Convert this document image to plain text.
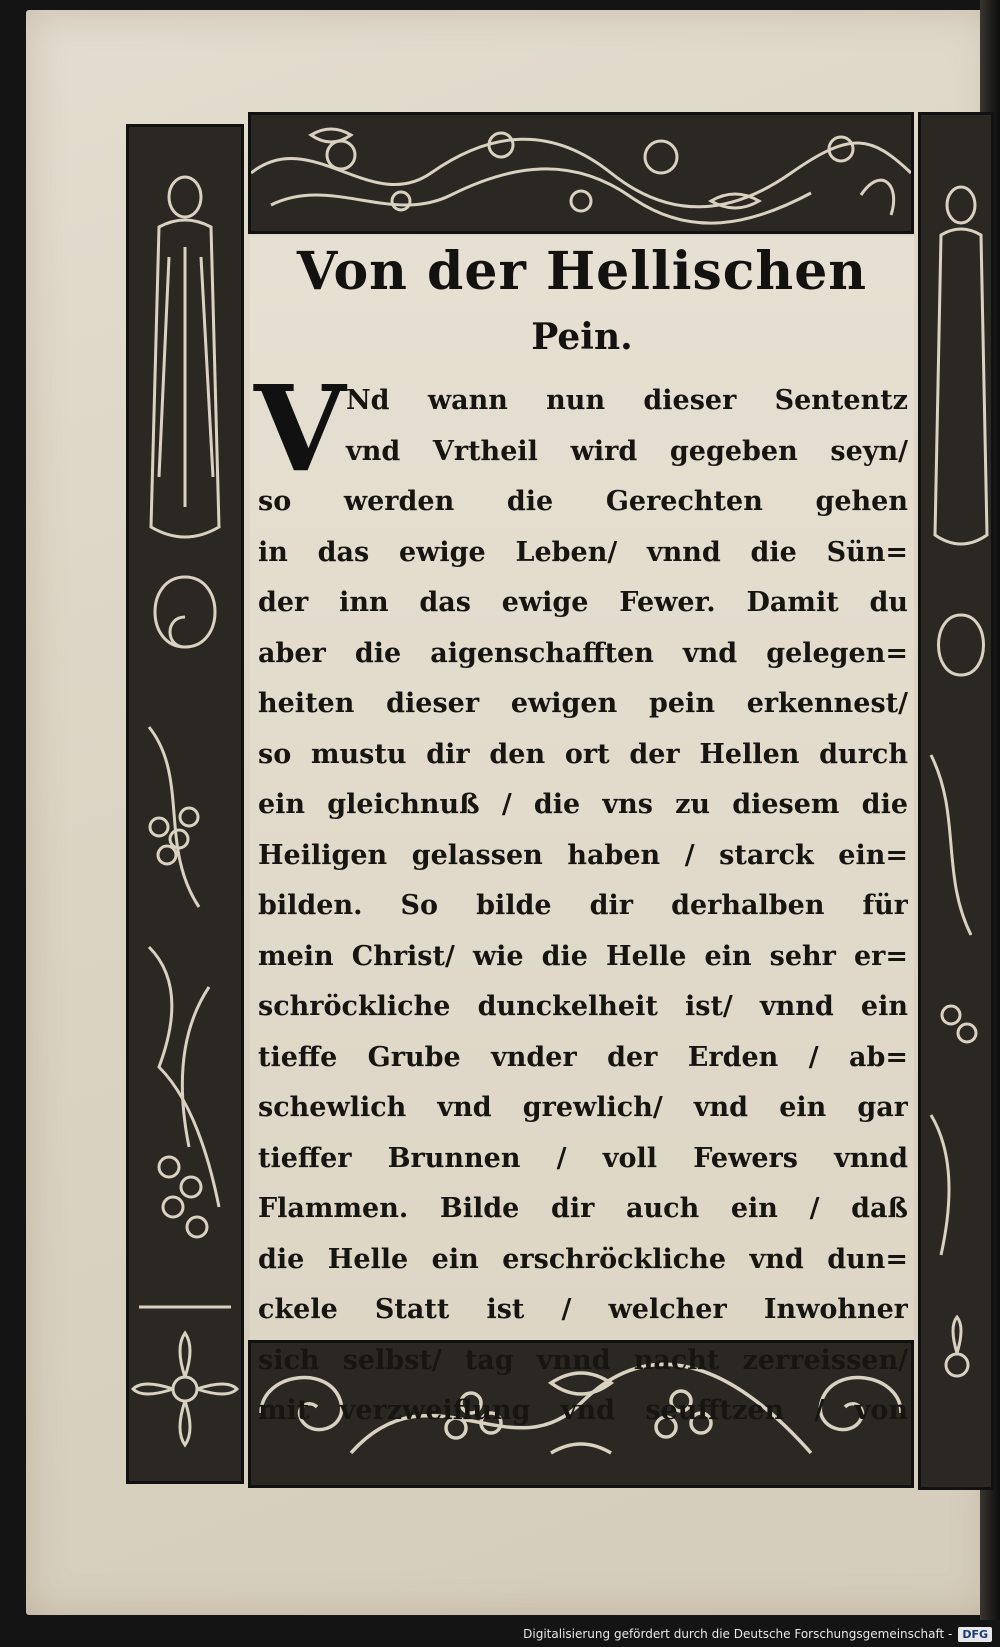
Von der Hellischen
Pein.
V Nd wann nun dieser Sententz
vnd Vrtheil wird gegeben seyn/
so werden die Gerechten gehen
in das ewige Leben/ vnnd die Sün=
der inn das ewige Fewer. Damit du
aber die aigenschafften vnd gelegen=
heiten dieser ewigen pein erkennest/
so mustu dir den ort der Hellen durch
ein gleichnuß / die vns zu diesem die
Heiligen gelassen haben / starck ein=
bilden. So bilde dir derhalben für
mein Christ/ wie die Helle ein sehr er=
schröckliche dunckelheit ist/ vnnd ein
tieffe Grube vnder der Erden / ab=
schewlich vnd grewlich/ vnd ein gar
tieffer Brunnen / voll Fewers vnnd
Flammen. Bilde dir auch ein / daß
die Helle ein erschröckliche vnd dun=
ckele Statt ist / welcher Inwohner
sich selbst/ tag vnnd nacht zerreissen/
mit verzweiflung vnd seufftzen / von
Digitalisierung gefördert durch die Deutsche Forschungsgemeinschaft - DFG
